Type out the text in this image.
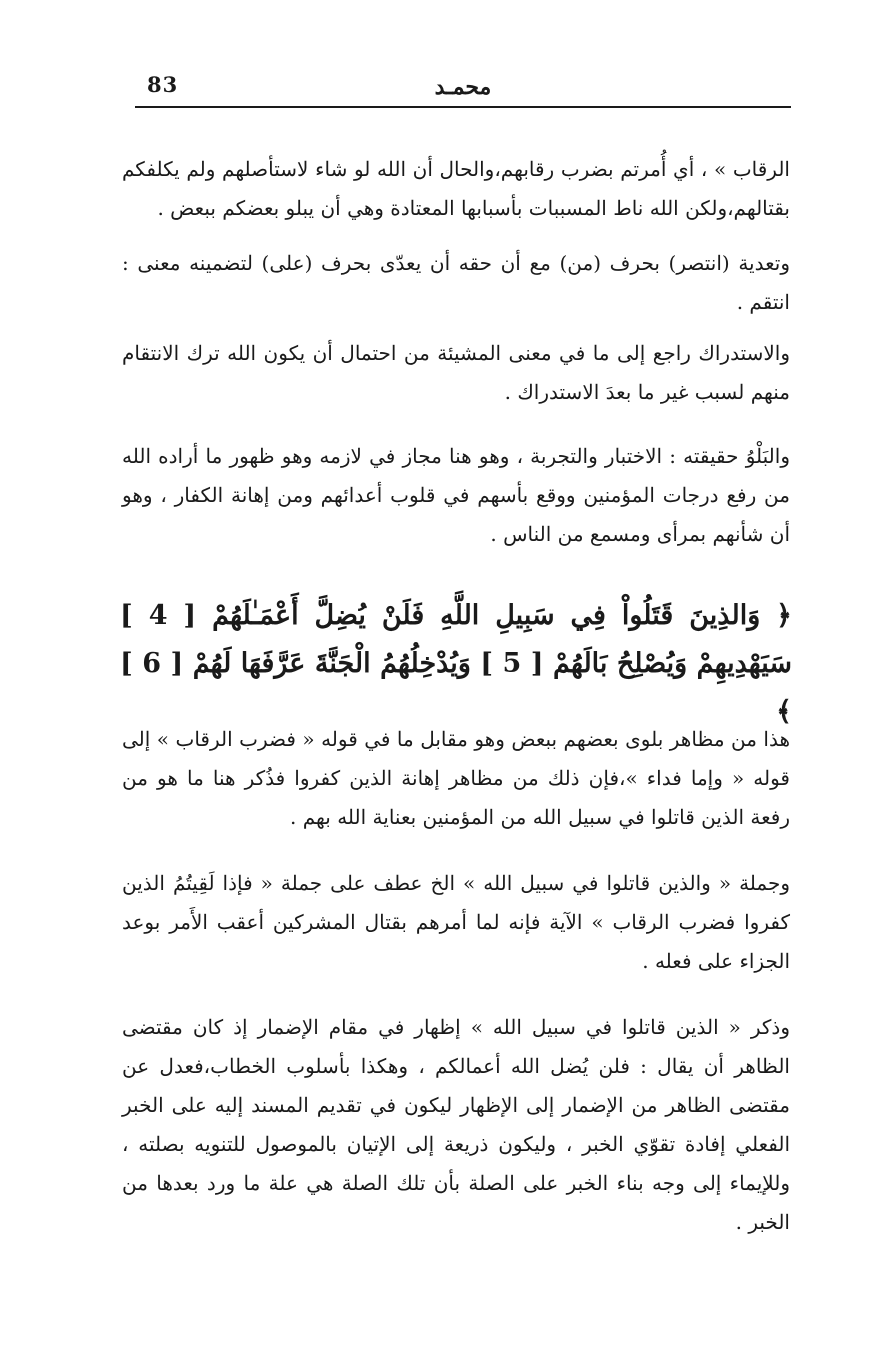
83	محمـد

الرقاب » ، أي أُمرتم بضرب رقابهم،والحال أن الله لو شاء لاستأصلهم ولم يكلفكم بقتالهم،ولكن الله ناط المسببات بأسبابها المعتادة وهي أن يبلو بعضكم ببعض .

وتعدية (انتصر) بحرف (من) مع أن حقه أن يعدّى بحرف (على) لتضمينه معنى : انتقم .

والاستدراك راجع إلى ما في معنى المشيئة من احتمال أن يكون الله ترك الانتقام منهم لسبب غير ما بعدَ الاستدراك .

والبَلْوُ حقيقته : الاختبار والتجربة ، وهو هنا مجاز في لازمه وهو ظهور ما أراده الله من رفع درجات المؤمنين ووقع بأسهم في قلوب أعدائهم ومن إهانة الكفار ، وهو أن شأنهم بمرأى ومسمع من الناس .

﴿ وَالذِينَ قَتَلُواْ فِي سَبِيلِ اللَّهِ فَلَنْ يُضِلَّ أَعْمَـٰلَهُمْ [ 4 ] سَيَهْدِيهِمْ وَيُصْلِحُ بَالَهُمْ [ 5 ] وَيُدْخِلُهُمُ الْجَنَّةَ عَرَّفَهَا لَهُمْ [ 6 ] ﴾

هذا من مظاهر بلوى بعضهم ببعض وهو مقابل ما في قوله « فضرب الرقاب » إلى قوله « وإما فداء »،فإن ذلك من مظاهر إهانة الذين كفروا فذُكر هنا ما هو من رفعة الذين قاتلوا في سبيل الله من المؤمنين بعناية الله بهم .

وجملة « والذين قاتلوا في سبيل الله » الخ عطف على جملة « فإذا لَقِيتُمُ الذين كفروا فضرب الرقاب » الآية فإنه لما أمرهم بقتال المشركين أعقب الأَمر بوعد الجزاء على فعله .

وذكر « الذين قاتلوا في سبيل الله » إظهار في مقام الإضمار إذ كان مقتضى الظاهر أن يقال : فلن يُضل الله أعمالكم ، وهكذا بأسلوب الخطاب،فعدل عن مقتضى الظاهر من الإضمار إلى الإظهار ليكون في تقديم المسند إليه على الخبر الفعلي إفادة تقوّي الخبر ، وليكون ذريعة إلى الإتيان بالموصول للتنويه بصلته ، وللإيماء إلى وجه بناء الخبر على الصلة بأن تلك الصلة هي علة ما ورد بعدها من الخبر .
